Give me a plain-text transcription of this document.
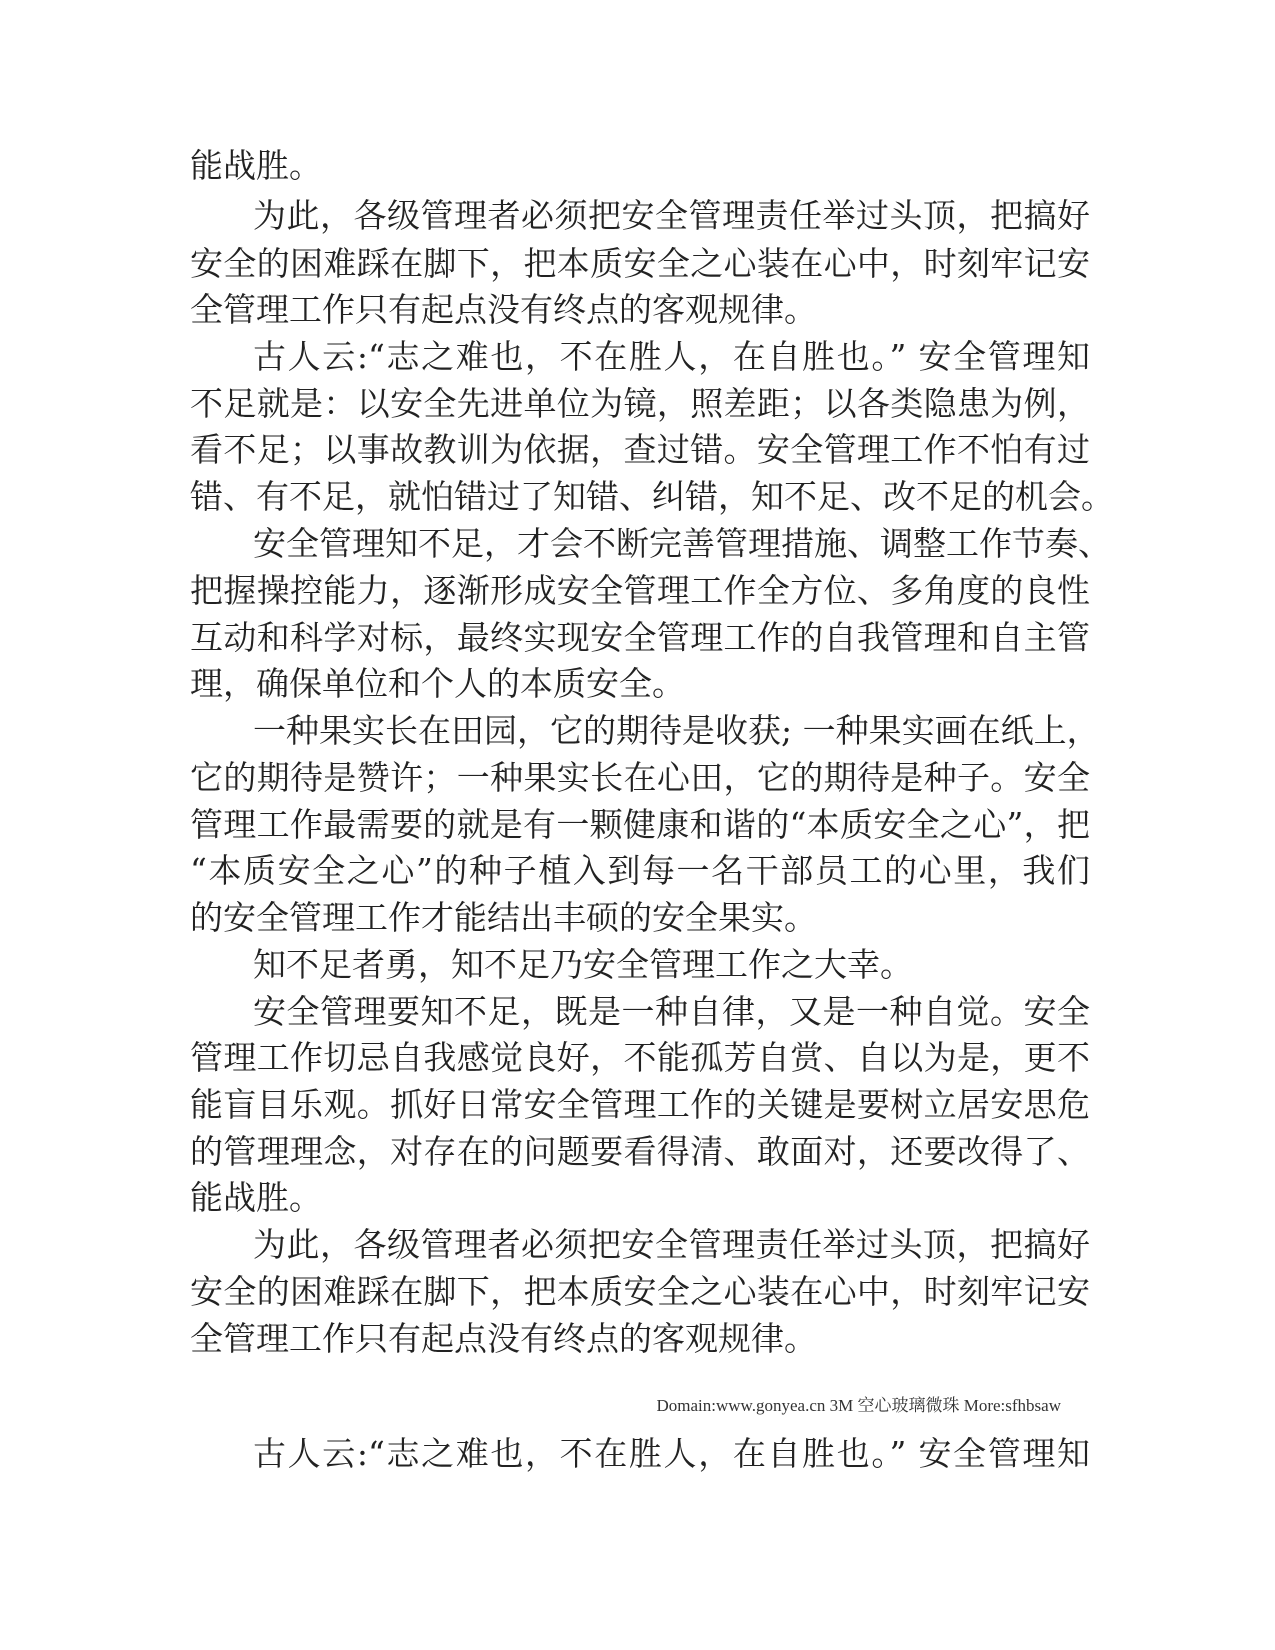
能战胜。
为此，各级管理者必须把安全管理责任举过头顶，把搞好
安全的困难踩在脚下，把本质安全之心装在心中，时刻牢记安
全管理工作只有起点没有终点的客观规律。
古人云:“志之难也，不在胜人，在自胜也。” 安全管理知
不足就是：以安全先进单位为镜，照差距；以各类隐患为例，
看不足；以事故教训为依据，查过错。安全管理工作不怕有过
错、有不足，就怕错过了知错、纠错，知不足、改不足的机会。
安全管理知不足，才会不断完善管理措施、调整工作节奏、
把握操控能力，逐渐形成安全管理工作全方位、多角度的良性
互动和科学对标，最终实现安全管理工作的自我管理和自主管
理，确保单位和个人的本质安全。
一种果实长在田园，它的期待是收获; 一种果实画在纸上，
它的期待是赞许；一种果实长在心田，它的期待是种子。安全
管理工作最需要的就是有一颗健康和谐的“本质安全之心”，把
“本质安全之心”的种子植入到每一名干部员工的心里，我们
的安全管理工作才能结出丰硕的安全果实。
知不足者勇，知不足乃安全管理工作之大幸。
安全管理要知不足，既是一种自律，又是一种自觉。安全
管理工作切忌自我感觉良好，不能孤芳自赏、自以为是，更不
能盲目乐观。抓好日常安全管理工作的关键是要树立居安思危
的管理理念，对存在的问题要看得清、敢面对，还要改得了、
能战胜。
为此，各级管理者必须把安全管理责任举过头顶，把搞好
安全的困难踩在脚下，把本质安全之心装在心中，时刻牢记安
全管理工作只有起点没有终点的客观规律。
Domain:www.gonyea.cn 3M 空心玻璃微珠 More:sfhbsaw
古人云:“志之难也，不在胜人，在自胜也。” 安全管理知
